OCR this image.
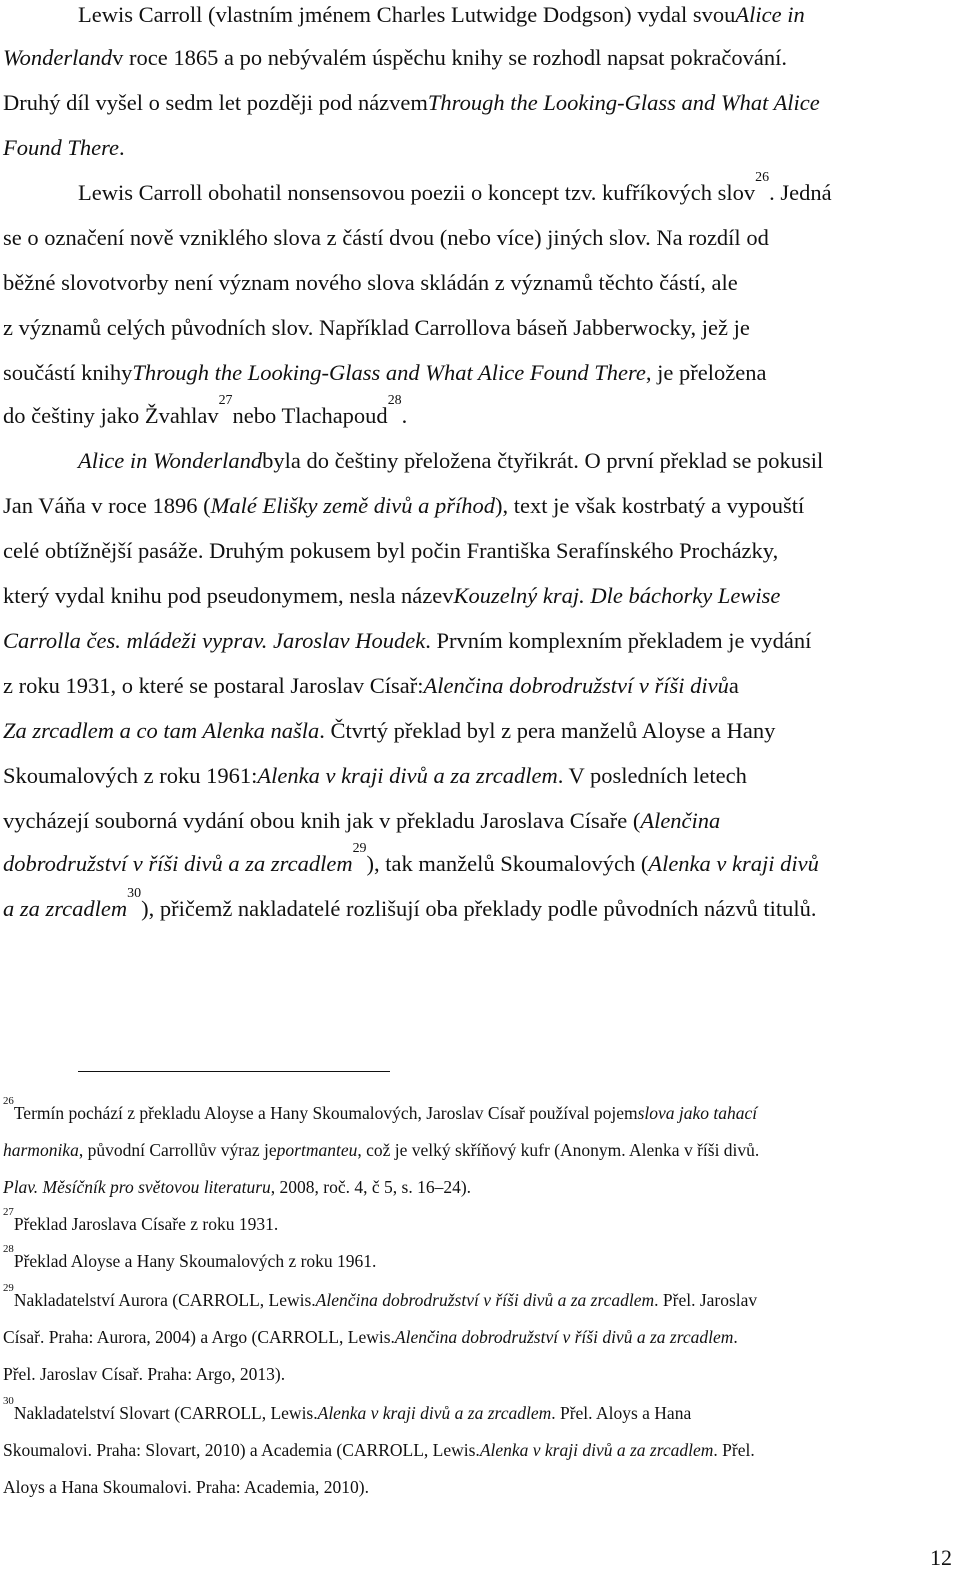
Lewis Carroll (vlastním jménem Charles Lutwidge Dodgson) vydal svou Alice in
Wonderland v roce 1865 a po nebývalém úspěchu knihy se rozhodl napsat pokračování.
Druhý díl vyšel o sedm let později pod názvem Through the Looking-Glass and What Alice
Found There .
Lewis Carroll obohatil nonsensovou poezii o koncept tzv. kufříkových slov
26
. Jedná
se o označení nově vzniklého slova z částí dvou (nebo více) jiných slov. Na rozdíl od
běžné slovotvorby není význam nového slova skládán z významů těchto částí, ale
z významů celých původních slov. Například Carrollova báseň Jabberwocky, jež je
součástí knihy Through the Looking-Glass and What Alice Found There , je přeložena
do češtiny jako Žvahlav
27
nebo Tlachapoud
28
.
Alice in Wonderland byla do češtiny přeložena čtyřikrát. O první překlad se pokusil
Jan Váňa v roce 1896 ( Malé Elišky země divů a příhod ), text je však kostrbatý a vypouští
celé obtížnější pasáže. Druhým pokusem byl počin Františka Serafínského Procházky,
který vydal knihu pod pseudonymem, nesla název Kouzelný kraj. Dle báchorky Lewise
Carrolla čes. mládeži vyprav. Jaroslav Houdek . Prvním komplexním překladem je vydání
z roku 1931, o které se postaral Jaroslav Císař: Alenčina dobrodružství v říši divů a
Za zrcadlem a co tam Alenka našla . Čtvrtý překlad byl z pera manželů Aloyse a Hany
Skoumalových z roku 1961: Alenka v kraji divů a za zrcadlem . V posledních letech
vycházejí souborná vydání obou knih jak v překladu Jaroslava Císaře ( Alenčina
dobrodružství v říši divů a za zrcadlem
29
), tak manželů Skoumalových ( Alenka v kraji divů
a za zrcadlem
30
), přičemž nakladatelé rozlišují oba překlady podle původních názvů titulů.
26
Termín pochází z překladu Aloyse a Hany Skoumalových, Jaroslav Císař používal pojem slova jako tahací
harmonika , původní Carrollův výraz je portmanteu , což je velký skříňový kufr (Anonym. Alenka v říši divů.
Plav. Měsíčník pro světovou literaturu , 2008, roč. 4, č 5, s. 16–24).
27
Překlad Jaroslava Císaře z roku 1931.
28
Překlad Aloyse a Hany Skoumalových z roku 1961.
29
Nakladatelství Aurora (CARROLL, Lewis. Alenčina dobrodružství v říši divů a za zrcadlem . Přel. Jaroslav
Císař. Praha: Aurora, 2004) a Argo (CARROLL, Lewis. Alenčina dobrodružství v říši divů a za zrcadlem .
Přel. Jaroslav Císař. Praha: Argo, 2013).
30
Nakladatelství Slovart (CARROLL, Lewis. Alenka v kraji divů a za zrcadlem . Přel. Aloys a Hana
Skoumalovi. Praha: Slovart, 2010) a Academia (CARROLL, Lewis. Alenka v kraji divů a za zrcadlem . Přel.
Aloys a Hana Skoumalovi. Praha: Academia, 2010).
12
